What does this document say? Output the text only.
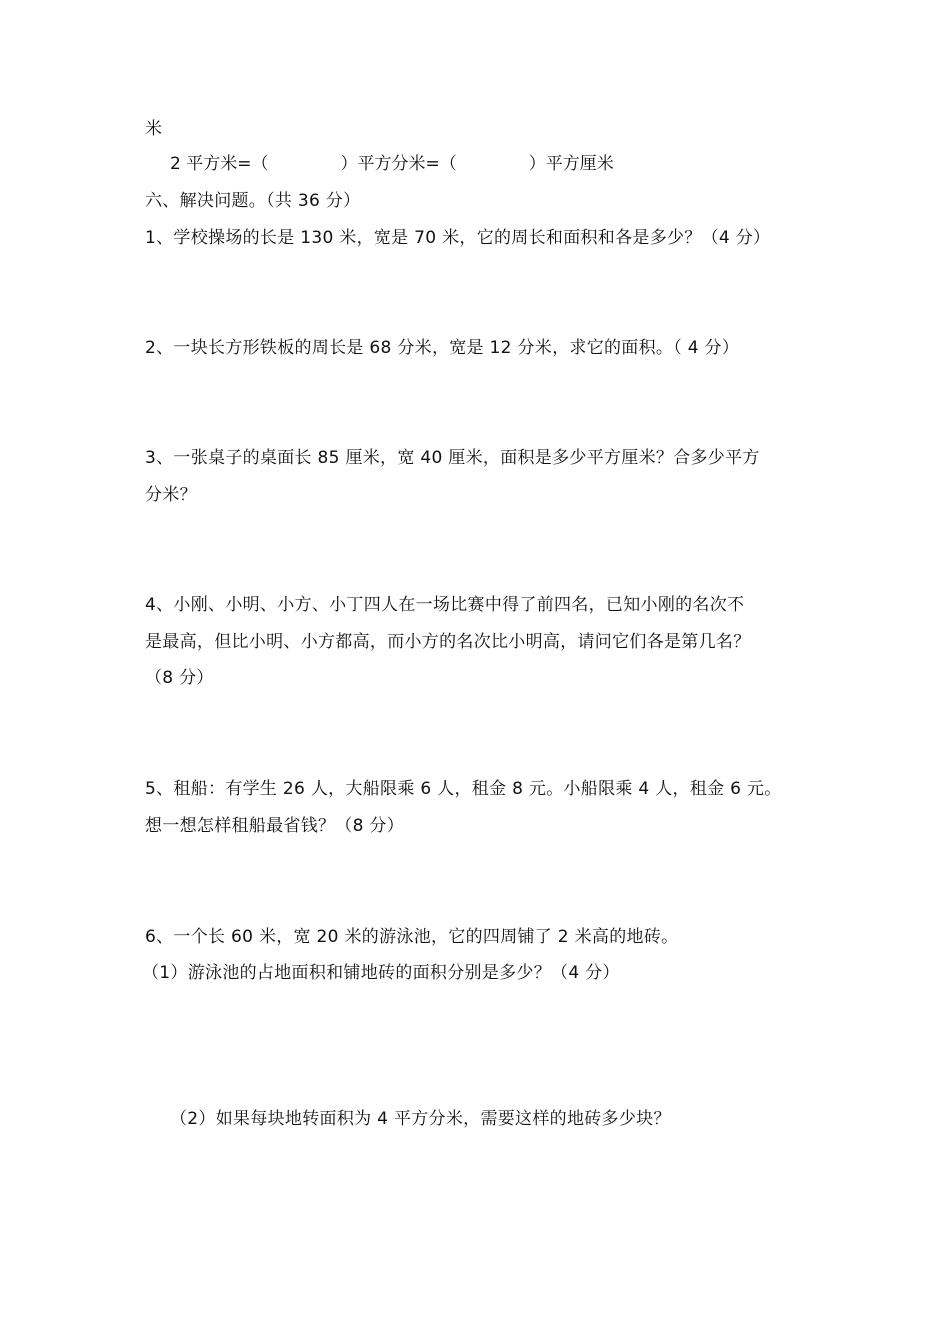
米
2 平方米=（	）平方分米=（	）平方厘米
六、解决问题。（共 36 分）
1、学校操场的长是 130 米，宽是 70 米，它的周长和面积和各是多少？（4 分）
2、一块长方形铁板的周长是 68 分米，宽是 12 分米，求它的面积。（ 4 分）
3、一张桌子的桌面长 85 厘米，宽 40 厘米，面积是多少平方厘米？合多少平方
分米？
4、小刚、小明、小方、小丁四人在一场比赛中得了前四名，已知小刚的名次不
是最高，但比小明、小方都高，而小方的名次比小明高，请问它们各是第几名？
（8 分）
5、租船：有学生 26 人，大船限乘 6 人，租金 8 元。小船限乘 4 人，租金 6 元。
想一想怎样租船最省钱？（8 分）
6、一个长 60 米，宽 20 米的游泳池，它的四周铺了 2 米高的地砖。
（1）游泳池的占地面积和铺地砖的面积分别是多少？（4 分）
（2）如果每块地转面积为 4 平方分米，需要这样的地砖多少块？
